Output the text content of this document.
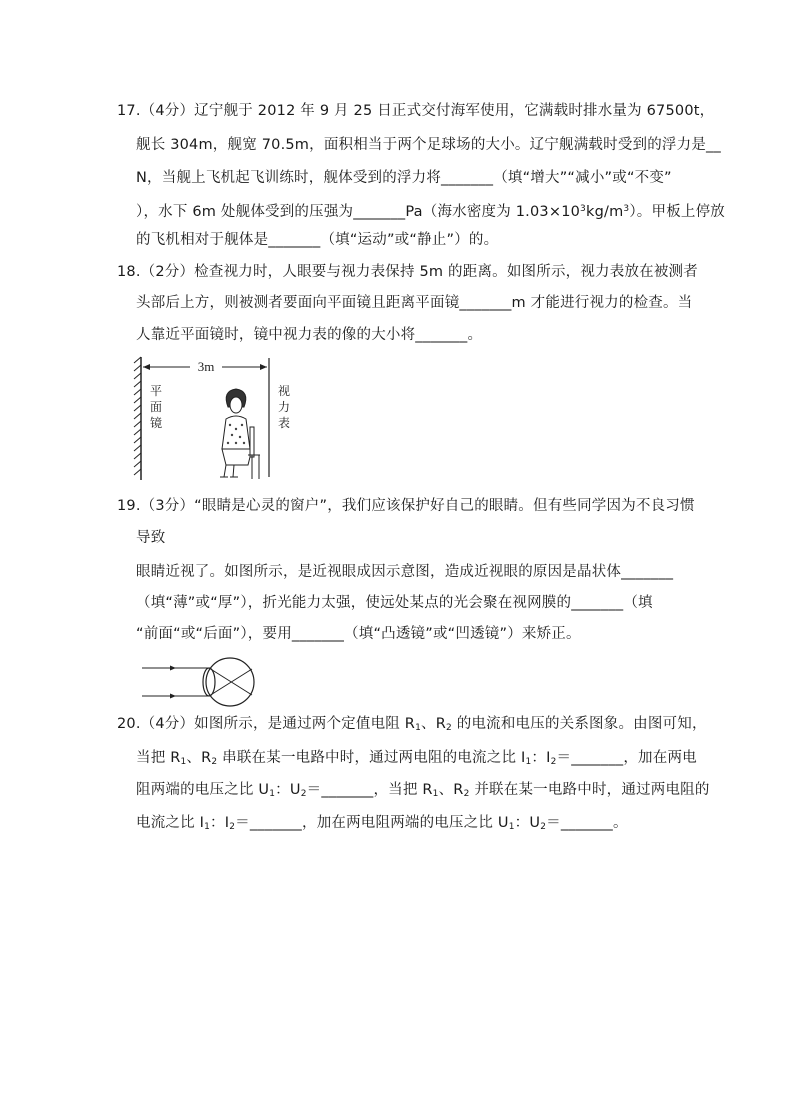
17.（4分）辽宁舰于 2012 年 9 月 25 日正式交付海军使用，它满载时排水量为 67500t，
舰长 304m，舰宽 70.5m，面积相当于两个足球场的大小。辽宁舰满载时受到的浮力是__
N，当舰上飞机起飞训练时，舰体受到的浮力将_______（填“增大”“减小”或“不变”
），水下 6m 处舰体受到的压强为_______Pa（海水密度为 $1.03\times 10^3kg/m^3$）。甲板上停放
的飞机相对于舰体是_______（填“运动”或“静止”）的。
18.（2分）检查视力时，人眼要与视力表保持 5m 的距离。如图所示，视力表放在被测者
头部后上方，则被测者要面向平面镜且距离平面镜_______m 才能进行视力的检查。当
人靠近平面镜时，镜中视力表的像的大小将_______。
3m
平
面
镜
视
力
表
19.（3分）“眼睛是心灵的窗户”，我们应该保护好自己的眼睛。但有些同学因为不良习惯
导致
眼睛近视了。如图所示，是近视眼成因示意图，造成近视眼的原因是晶状体_______
（填“薄”或“厚”），折光能力太强，使远处某点的光会聚在视网膜的_______（填
“前面“或“后面”），要用_______（填“凸透镜”或“凹透镜”）来矫正。
20.（4分）如图所示，是通过两个定值电阻 $R_1$、$R_2$ 的电流和电压的关系图象。由图可知，
当把 $R_1$、$R_2$ 串联在某一电路中时，通过两电阻的电流之比 $I_1$：$I_2=\_\_\_\_\_\_\_$，加在两电
阻两端的电压之比 $U_1$：$U_2=\_\_\_\_\_\_\_$，当把 $R_1$、$R_2$ 并联在某一电路中时，通过两电阻的
电流之比 $I_1$：$I_2=\_\_\_\_\_\_\_$，加在两电阻两端的电压之比 $U_1$：$U_2=\_\_\_\_\_\_\_$。
